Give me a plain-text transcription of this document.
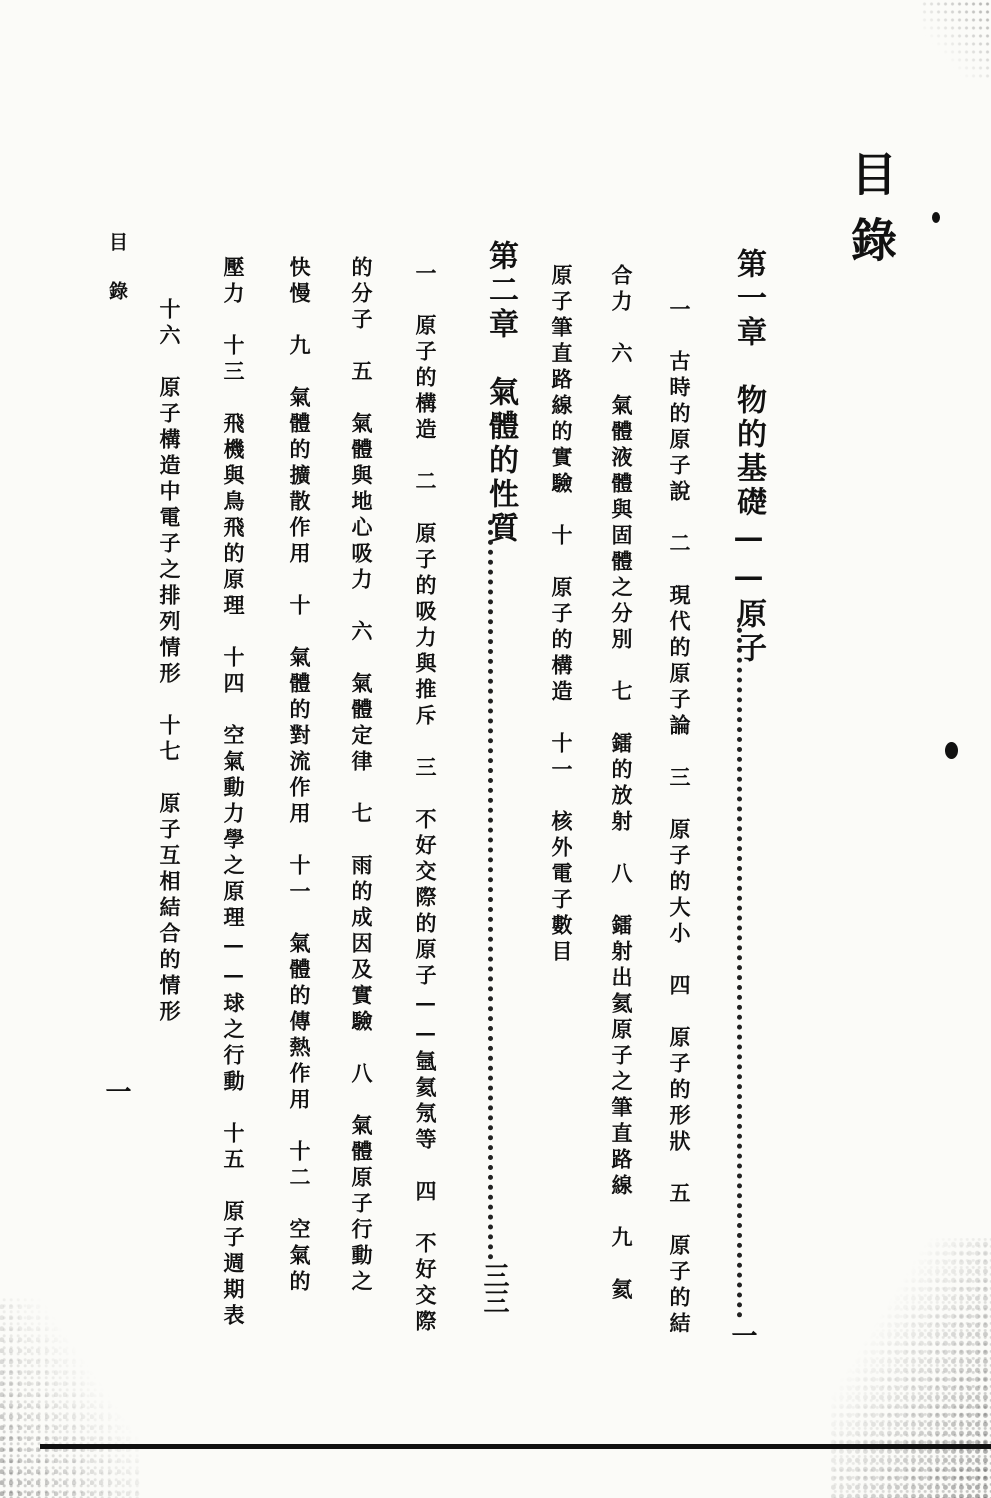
目錄
第一章　物的基礎——原子
一
一　古時的原子說　二　現代的原子論　三　原子的大小　四　原子的形狀　五　原子的結
合力　六　氣體液體與固體之分別　七　鐳的放射　八　鐳射出氦原子之筆直路線　九　氦
原子筆直路線的實驗　十　原子的構造　十一　核外電子數目
第二章　氣體的性質
三三
一　原子的構造　二　原子的吸力與推斥　三　不好交際的原子——氬氦氖等　四　不好交際
的分子　五　氣體與地心吸力　六　氣體定律　七　雨的成因及實驗　八　氣體原子行動之
快慢　九　氣體的擴散作用　十　氣體的對流作用　十一　氣體的傳熱作用　十二　空氣的
壓力　十三　飛機與鳥飛的原理　十四　空氣動力學之原理——球之行動　十五　原子週期表
十六　原子構造中電子之排列情形　十七　原子互相結合的情形
目錄
一
